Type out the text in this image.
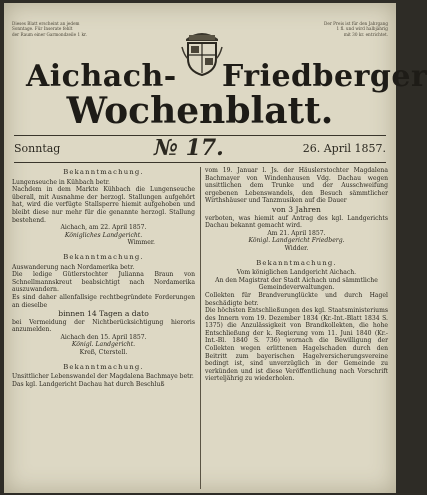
Dieses Blatt erscheint an jedem
Sonntage. Für Inserate fehlt
der Raum einer Garmondzeile 1 kr.
Der Preis ist für den Jahrgang
1 fl. und wird halbjährig
mit 30 kr. entrichtet.
Aichach- Friedberger
Wochenblatt.
Sonntag	№ 17.	26. April 1857.
Bekanntmachung.
Lungenseuche in Kühbach betr.
Nachdem in dem Markte Kühbach die Lungenseuche überall, mit Ausnahme der herzogl. Stallungen aufgehört hat, wird die verfügte Stallsperre hiemit aufgehoben und bleibt diese nur mehr für die genannte herzogl. Stallung bestehend.
Aichach, am 22. April 1857.
Königliches Landgericht.
Wimmer.
Bekanntmachung.
Auswanderung nach Nordamerika betr.
Die ledige Gütlerstochter Julianna Braun von Schnellmannskreut beabsichtigt nach Nordamerika auszuwandern.
Es sind daher allenfallsige rechtbegründete Forderungen an dieselbe
binnen 14 Tagen a dato
bei Vermeidung der Nichtberücksichtigung hieroris anzumelden.
Aichach den 15. April 1857.
Königl. Landgericht.
Kreß, Cterstell.
Bekanntmachung.
Unsittlicher Lebenswandel der Magdalena Bachmaye betr.
Das kgl. Landgericht Dachau hat durch Beschluß
vom 19. Januar l. Js. der Häuslerstochter Magdalena Bachmayer von Windenhausen Vdg. Dachau wegen unsittlichen dem Trunke und der Ausschweifung ergebenen Lebenswandels, den Besuch sämmtlicher Wirthshäuser und Tanzmusiken auf die Dauer
von 3 Jahren
verboten, was hiemit auf Antrag des kgl. Landgerichts Dachau bekannt gemacht wird.
Am 21. April 1857.
Königl. Landgericht Friedberg.
Widder.
Bekanntmachung.
Vom königlichen Landgericht Aichach.
An den Magistrat der Stadt Aichach und sämmtliche Gemeindeverwaltungen.
Collekten für Brandverunglückte und durch Hagel beschädigte betr.
Die höchsten Entschließungen des kgl. Staatsministeriums des Innern vom 19. Dezember 1834 (Kr.-Int.-Blatt 1834 S. 1375) die Anzulässigkeit von Brandkollekten, die hohe Entschließung der k. Regierung vom 11. Juni 1840 (Kr.-Int.-Bl. 1840 S. 736) wornach die Bewilligung der Collekten wegen erlittenen Hagelschaden durch den Beitritt zum bayerischen Hagelversicherungsvereine bedingt ist, sind unverzüglich in der Gemeinde zu verkünden und ist diese Veröffentlichung nach Vorschrift vierteljährig zu wiederholen.
